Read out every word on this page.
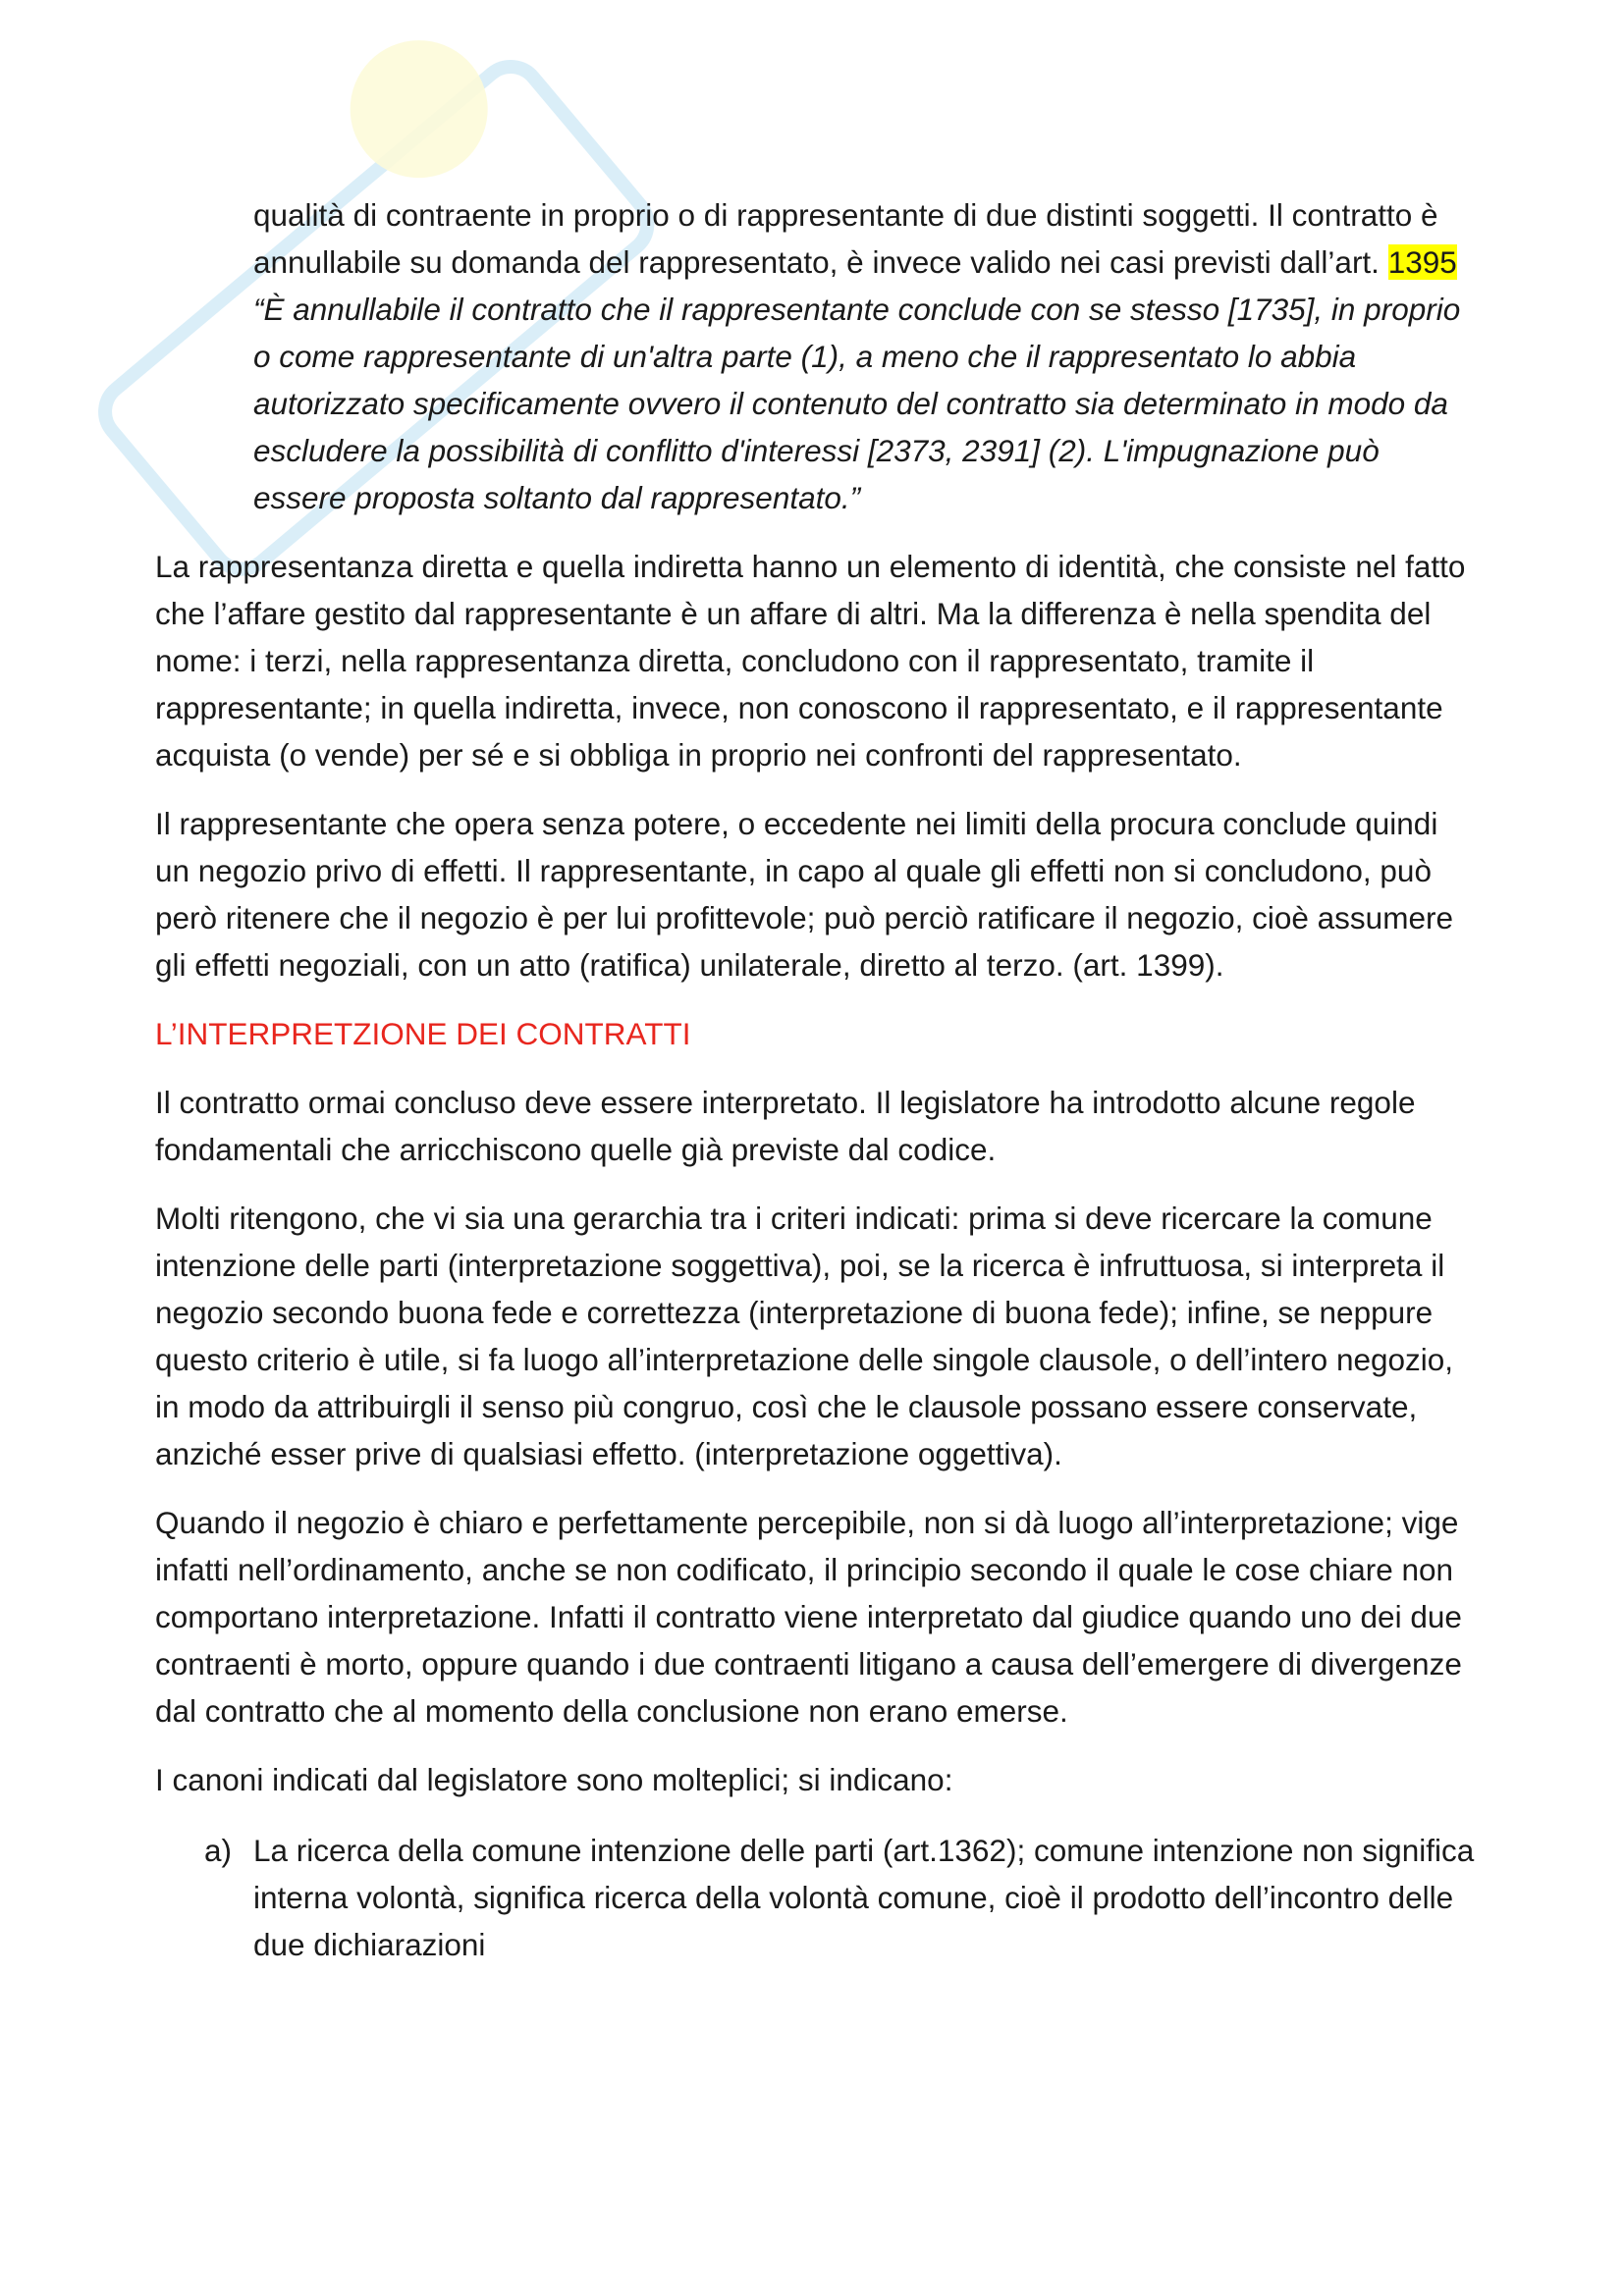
qualità di contraente in proprio o di rappresentante di due distinti soggetti. Il contratto è annullabile su domanda del rappresentato, è invece valido nei casi previsti dall’art. 1395

“È annullabile il contratto che il rappresentante conclude con se stesso [1735], in proprio o come rappresentante di un'altra parte (1), a meno che il rappresentato lo abbia autorizzato specificamente ovvero il contenuto del contratto sia determinato in modo da escludere la possibilità di conflitto d'interessi [2373, 2391] (2). L'impugnazione può essere proposta soltanto dal rappresentato.”

La rappresentanza diretta e quella indiretta hanno un elemento di identità, che consiste nel fatto che l’affare gestito dal rappresentante è un affare di altri. Ma la differenza è nella spendita del nome: i terzi, nella rappresentanza diretta, concludono con il rappresentato, tramite il rappresentante; in quella indiretta, invece, non conoscono il rappresentato, e il rappresentante acquista (o vende) per sé e si obbliga in proprio nei confronti del rappresentato.

Il rappresentante che opera senza potere, o eccedente nei limiti della procura conclude quindi un negozio privo di effetti. Il rappresentante, in capo al quale gli effetti non si concludono, può però ritenere che il negozio è per lui profittevole; può perciò ratificare il negozio, cioè assumere gli effetti negoziali, con un atto (ratifica) unilaterale, diretto al terzo. (art. 1399).

L’INTERPRETZIONE DEI CONTRATTI

Il contratto ormai concluso deve essere interpretato. Il legislatore ha introdotto alcune regole fondamentali che arricchiscono quelle già previste dal codice.

Molti ritengono, che vi sia una gerarchia tra i criteri indicati: prima si deve ricercare la comune intenzione delle parti (interpretazione soggettiva), poi, se la ricerca è infruttuosa, si interpreta il negozio secondo buona fede e correttezza (interpretazione di buona fede); infine, se neppure questo criterio è utile, si fa luogo all’interpretazione delle singole clausole, o dell’intero negozio, in modo da attribuirgli il senso più congruo, così che le clausole possano essere conservate, anziché esser prive di qualsiasi effetto. (interpretazione oggettiva).

Quando il negozio è chiaro e perfettamente percepibile, non si dà luogo all’interpretazione; vige infatti nell’ordinamento, anche se non codificato, il principio secondo il quale le cose chiare non comportano interpretazione. Infatti il contratto viene interpretato dal giudice quando uno dei due contraenti è morto, oppure quando i due contraenti litigano a causa dell’emergere di divergenze dal contratto che al momento della conclusione non erano emerse.

I canoni indicati dal legislatore sono molteplici; si indicano:

a) La ricerca della comune intenzione delle parti (art.1362); comune intenzione non significa interna volontà, significa ricerca della volontà comune, cioè il prodotto dell’incontro delle due dichiarazioni
